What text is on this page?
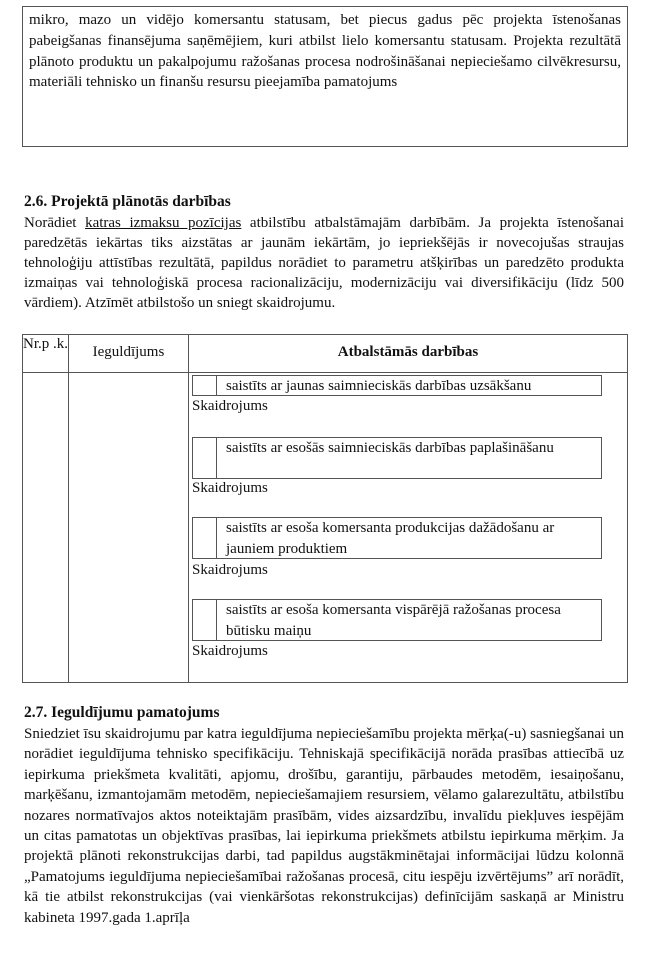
mikro, mazo un vidējo komersantu statusam, bet piecus gadus pēc projekta īstenošanas pabeigšanas finansējuma saņēmējiem, kuri atbilst lielo komersantu statusam. Projekta rezultātā plānoto produktu un pakalpojumu ražošanas procesa nodrošināšanai nepieciešamo cilvēkresursu, materiāli tehnisko un finanšu resursu pieejamība pamatojums
2.6. Projektā plānotās darbības
Norādiet katras izmaksu pozīcijas atbilstību atbalstāmajām darbībām. Ja projekta īstenošanai paredzētās iekārtas tiks aizstātas ar jaunām iekārtām, jo iepriekšējās ir novecojušas straujas tehnoloģiju attīstības rezultātā, papildus norādiet to parametru atšķirības un paredzēto produkta izmaiņas vai tehnoloģiskā procesa racionalizāciju, modernizāciju vai diversifikāciju (līdz 500 vārdiem). Atzīmēt atbilstošo un sniegt skaidrojumu.
Nr.p .k.	Ieguldījums	Atbalstāmās darbības

saistīts ar jaunas saimnieciskās darbības uzsākšanu
Skaidrojums
saistīts ar esošās saimnieciskās darbības paplašināšanu
Skaidrojums
saistīts ar esoša komersanta produkcijas dažādošanu ar jauniem produktiem
Skaidrojums
saistīts ar esoša komersanta vispārējā ražošanas procesa būtisku maiņu
Skaidrojums
2.7. Ieguldījumu pamatojums
Sniedziet īsu skaidrojumu par katra ieguldījuma nepieciešamību projekta mērķa(-u) sasniegšanai un norādiet ieguldījuma tehnisko specifikāciju. Tehniskajā specifikācijā norāda prasības attiecībā uz iepirkuma priekšmeta kvalitāti, apjomu, drošību, garantiju, pārbaudes metodēm, iesaiņošanu, marķēšanu, izmantojamām metodēm, nepieciešamajiem resursiem, vēlamo galarezultātu, atbilstību nozares normatīvajos aktos noteiktajām prasībām, vides aizsardzību, invalīdu piekļuves iespējām un citas pamatotas un objektīvas prasības, lai iepirkuma priekšmets atbilstu iepirkuma mērķim. Ja projektā plānoti rekonstrukcijas darbi, tad papildus augstākminētajai informācijai lūdzu kolonnā „Pamatojums ieguldījuma nepieciešamībai ražošanas procesā, citu iespēju izvērtējums” arī norādīt, kā tie atbilst rekonstrukcijas (vai vienkāršotas rekonstrukcijas) definīcijām saskaņā ar Ministru kabineta 1997.gada 1.aprīļa
